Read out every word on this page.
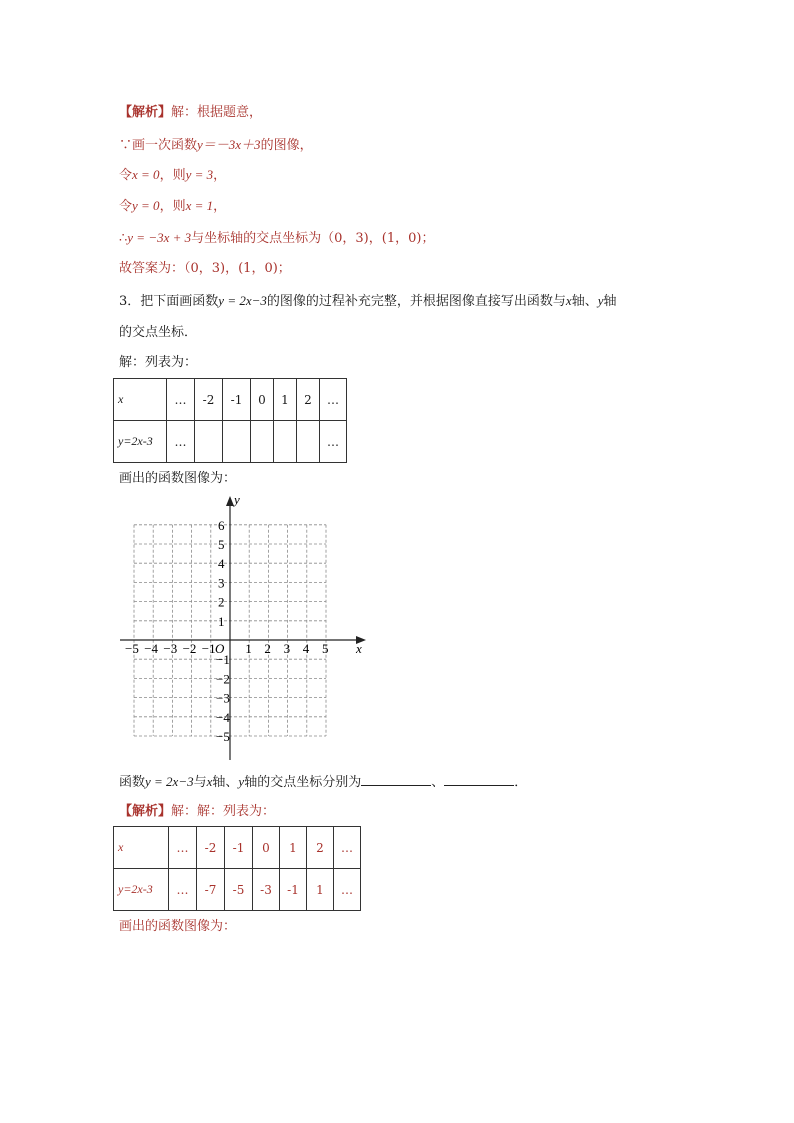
【解析】解：根据题意，
∵画一次函数y＝－3x＋3的图像，
令x = 0，则y = 3，
令y = 0，则x = 1，
∴y = −3x + 3与坐标轴的交点坐标为（0，3)，(1，0)；
故答案为：（0，3)，(1，0)；
3．把下面画函数y = 2x−3的图像的过程补充完整，并根据图像直接写出函数与x轴、y轴
的交点坐标．
解：列表为：
x	…	-2	-1	0	1	2	…
y=2x-3	…						…
画出的函数图像为：
−5 −4 −3 −2 −1 1 2 3 4 5
1
2
3
4
5
6
−1
−2
−3
−4
−5
x
y
O
函数y = 2x−3与x轴、y轴的交点坐标分别为	、	．
【解析】解：解：列表为：
x	…	-2	-1	0	1	2	…
y=2x-3	…	-7	-5	-3	-1	1	…
画出的函数图像为：
